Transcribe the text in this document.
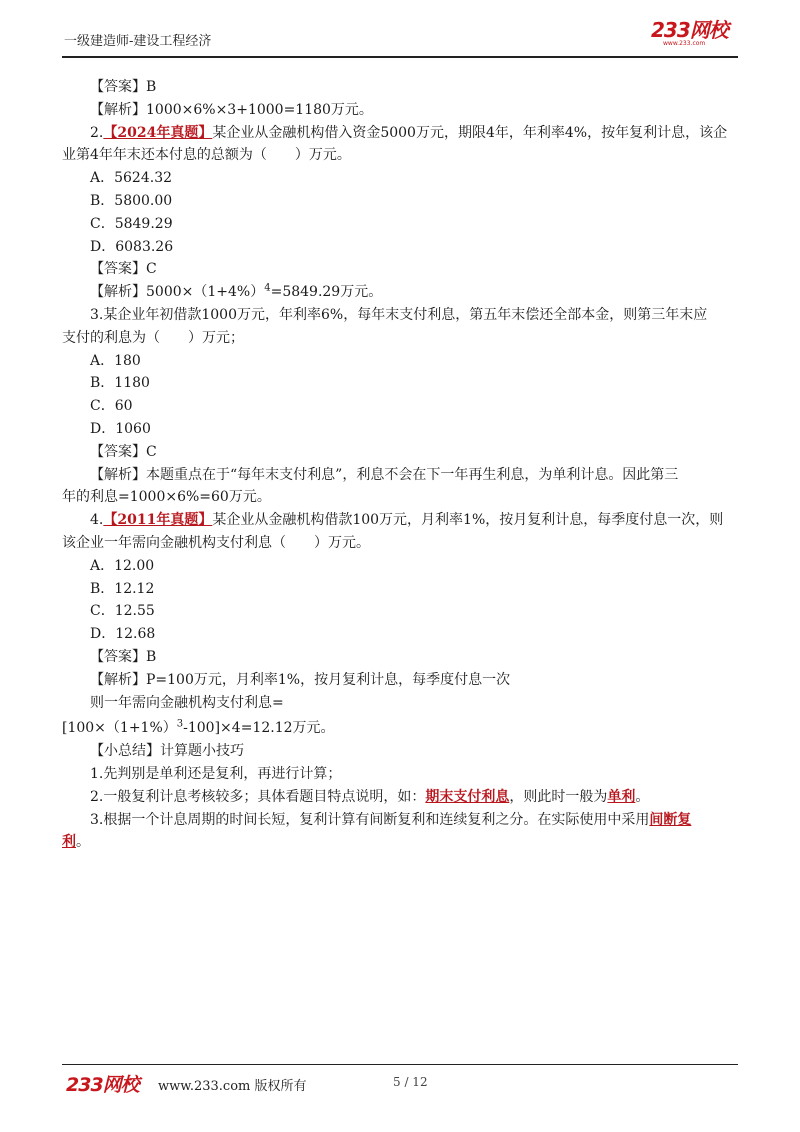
一级建造师-建设工程经济	233网校
www.233.com
【答案】B
【解析】1000×6%×3+1000=1180万元。
2.【2024年真题】某企业从金融机构借入资金5000万元，期限4年，年利率4%，按年复利计息，该企
业第4年年末还本付息的总额为（　　）万元。
A．5624.32
B．5800.00
C．5849.29
D．6083.26
【答案】C
【解析】$5000\times(1+4\%)^4=5849.29$万元。
3.某企业年初借款1000万元，年利率6%，每年末支付利息，第五年末偿还全部本金，则第三年末应
支付的利息为（　　）万元；
A．180
B．1180
C．60
D．1060
【答案】C
【解析】本题重点在于“每年末支付利息”，利息不会在下一年再生利息，为单利计息。因此第三
年的利息=1000×6%=60万元。
4.【2011年真题】某企业从金融机构借款100万元，月利率1%，按月复利计息，每季度付息一次，则
该企业一年需向金融机构支付利息（　　）万元。
A．12.00
B．12.12
C．12.55
D．12.68
【答案】B
【解析】P=100万元，月利率1%，按月复利计息，每季度付息一次
则一年需向金融机构支付利息=
$[100\times(1+1\%)^3-100]\times 4=12.12$万元。
【小总结】计算题小技巧
1.先判别是单利还是复利，再进行计算；
2.一般复利计息考核较多；具体看题目特点说明，如：期末支付利息，则此时一般为单利。
3.根据一个计息周期的时间长短，复利计算有间断复利和连续复利之分。在实际使用中采用间断复
利。
233网校 www.233.com 版权所有	5 / 12
